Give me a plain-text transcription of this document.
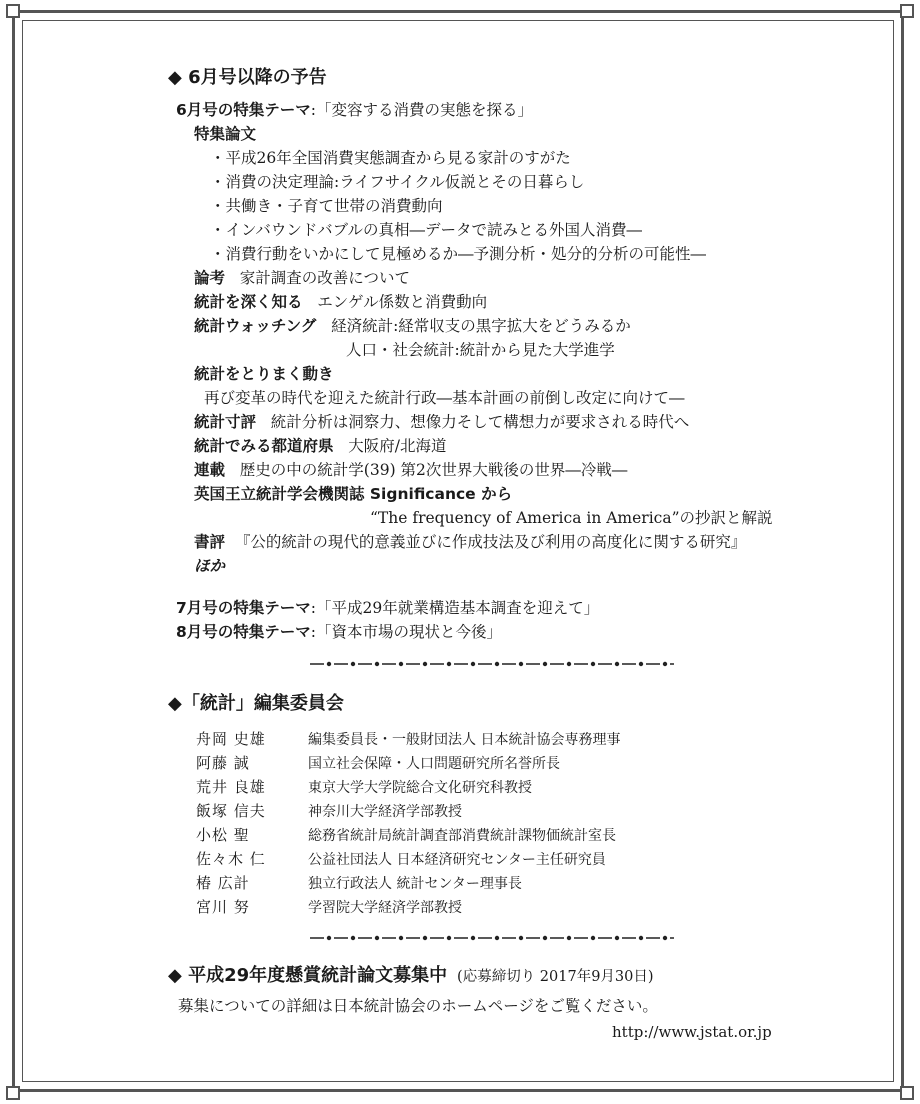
◆ 6月号以降の予告
6月号の特集テーマ:「変容する消費の実態を探る」
特集論文
・平成26年全国消費実態調査から見る家計のすがた
・消費の決定理論:ライフサイクル仮説とその日暮らし
・共働き・子育て世帯の消費動向
・インバウンドバブルの真相―データで読みとる外国人消費―
・消費行動をいかにして見極めるか―予測分析・処分的分析の可能性―
論考 家計調査の改善について
統計を深く知る エンゲル係数と消費動向
統計ウォッチング 経済統計:経常収支の黒字拡大をどうみるか
人口・社会統計:統計から見た大学進学
統計をとりまく動き
再び変革の時代を迎えた統計行政―基本計画の前倒し改定に向けて―
統計寸評 統計分析は洞察力、想像力そして構想力が要求される時代へ
統計でみる都道府県 大阪府/北海道
連載 歴史の中の統計学(39) 第2次世界大戦後の世界―冷戦―
英国王立統計学会機関誌 Significance から
“The frequency of America in America”の抄訳と解説
書評 『公的統計の現代的意義並びに作成技法及び利用の高度化に関する研究』
ほか
7月号の特集テーマ:「平成29年就業構造基本調査を迎えて」
8月号の特集テーマ:「資本市場の現状と今後」
◆「統計」編集委員会
舟岡 史雄	編集委員長・一般財団法人 日本統計協会専務理事
阿藤 誠	国立社会保障・人口問題研究所名誉所長
荒井 良雄	東京大学大学院総合文化研究科教授
飯塚 信夫	神奈川大学経済学部教授
小松 聖	総務省統計局統計調査部消費統計課物価統計室長
佐々木 仁	公益社団法人 日本経済研究センター主任研究員
椿 広計	独立行政法人 統計センター理事長
宮川 努	学習院大学経済学部教授
◆ 平成29年度懸賞統計論文募集中 (応募締切り 2017年9月30日)
募集についての詳細は日本統計協会のホームページをご覧ください。
http://www.jstat.or.jp
